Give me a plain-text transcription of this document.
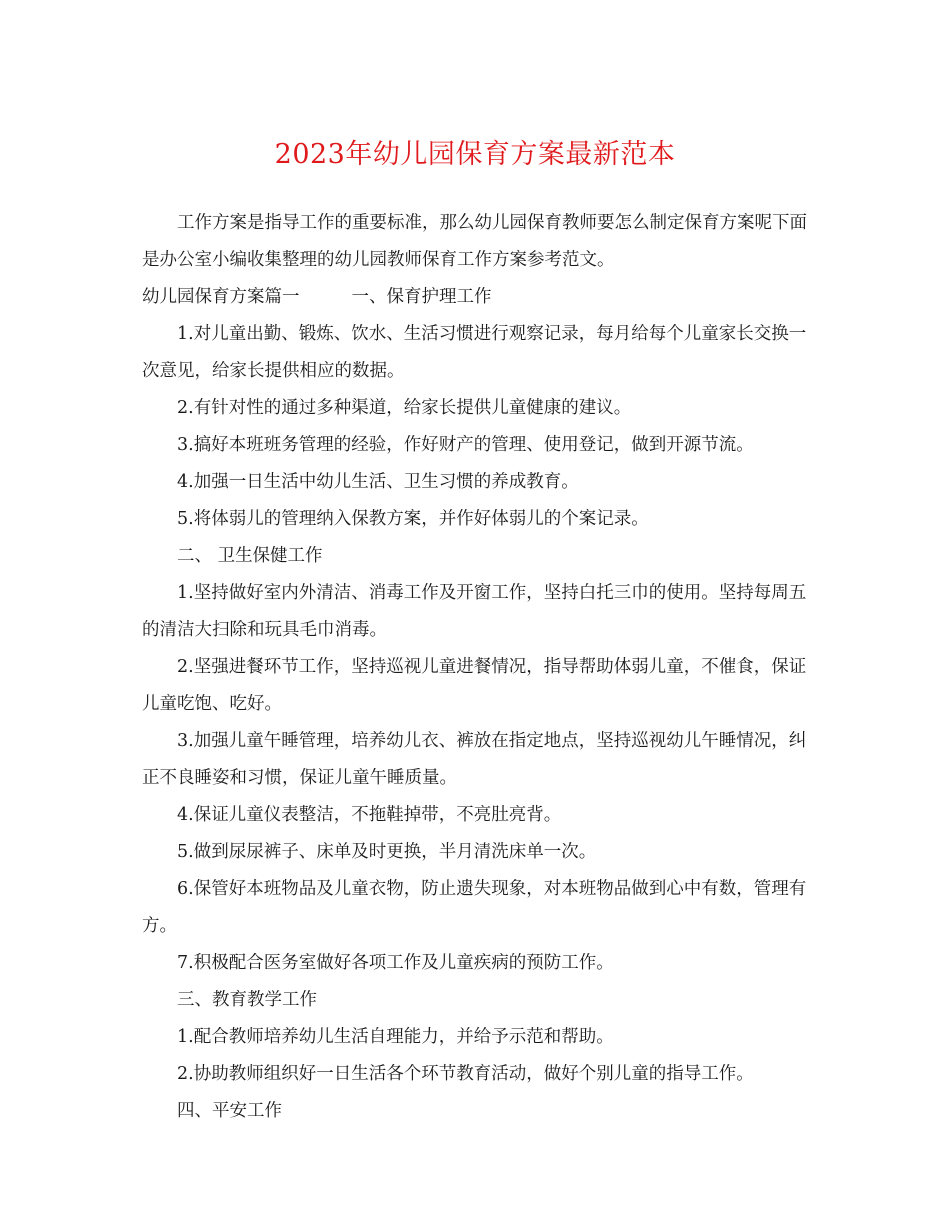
2023年幼儿园保育方案最新范本

工作方案是指导工作的重要标准，那么幼儿园保育教师要怎么制定保育方案呢下面是办公室小编收集整理的幼儿园教师保育工作方案参考范文。

幼儿园保育方案篇一	一、保育护理工作

1.对儿童出勤、锻炼、饮水、生活习惯进行观察记录，每月给每个儿童家长交换一次意见，给家长提供相应的数据。

2.有针对性的通过多种渠道，给家长提供儿童健康的建议。

3.搞好本班班务管理的经验，作好财产的管理、使用登记，做到开源节流。

4.加强一日生活中幼儿生活、卫生习惯的养成教育。

5.将体弱儿的管理纳入保教方案，并作好体弱儿的个案记录。

二、 卫生保健工作

1.坚持做好室内外清洁、消毒工作及开窗工作，坚持白托三巾的使用。坚持每周五的清洁大扫除和玩具毛巾消毒。

2.坚强进餐环节工作，坚持巡视儿童进餐情况，指导帮助体弱儿童，不催食，保证儿童吃饱、吃好。

3.加强儿童午睡管理，培养幼儿衣、裤放在指定地点，坚持巡视幼儿午睡情况，纠正不良睡姿和习惯，保证儿童午睡质量。

4.保证儿童仪表整洁，不拖鞋掉带，不亮肚亮背。

5.做到尿尿裤子、床单及时更换，半月清洗床单一次。

6.保管好本班物品及儿童衣物，防止遗失现象，对本班物品做到心中有数，管理有方。

7.积极配合医务室做好各项工作及儿童疾病的预防工作。

三、教育教学工作

1.配合教师培养幼儿生活自理能力，并给予示范和帮助。

2.协助教师组织好一日生活各个环节教育活动，做好个别儿童的指导工作。

四、平安工作
